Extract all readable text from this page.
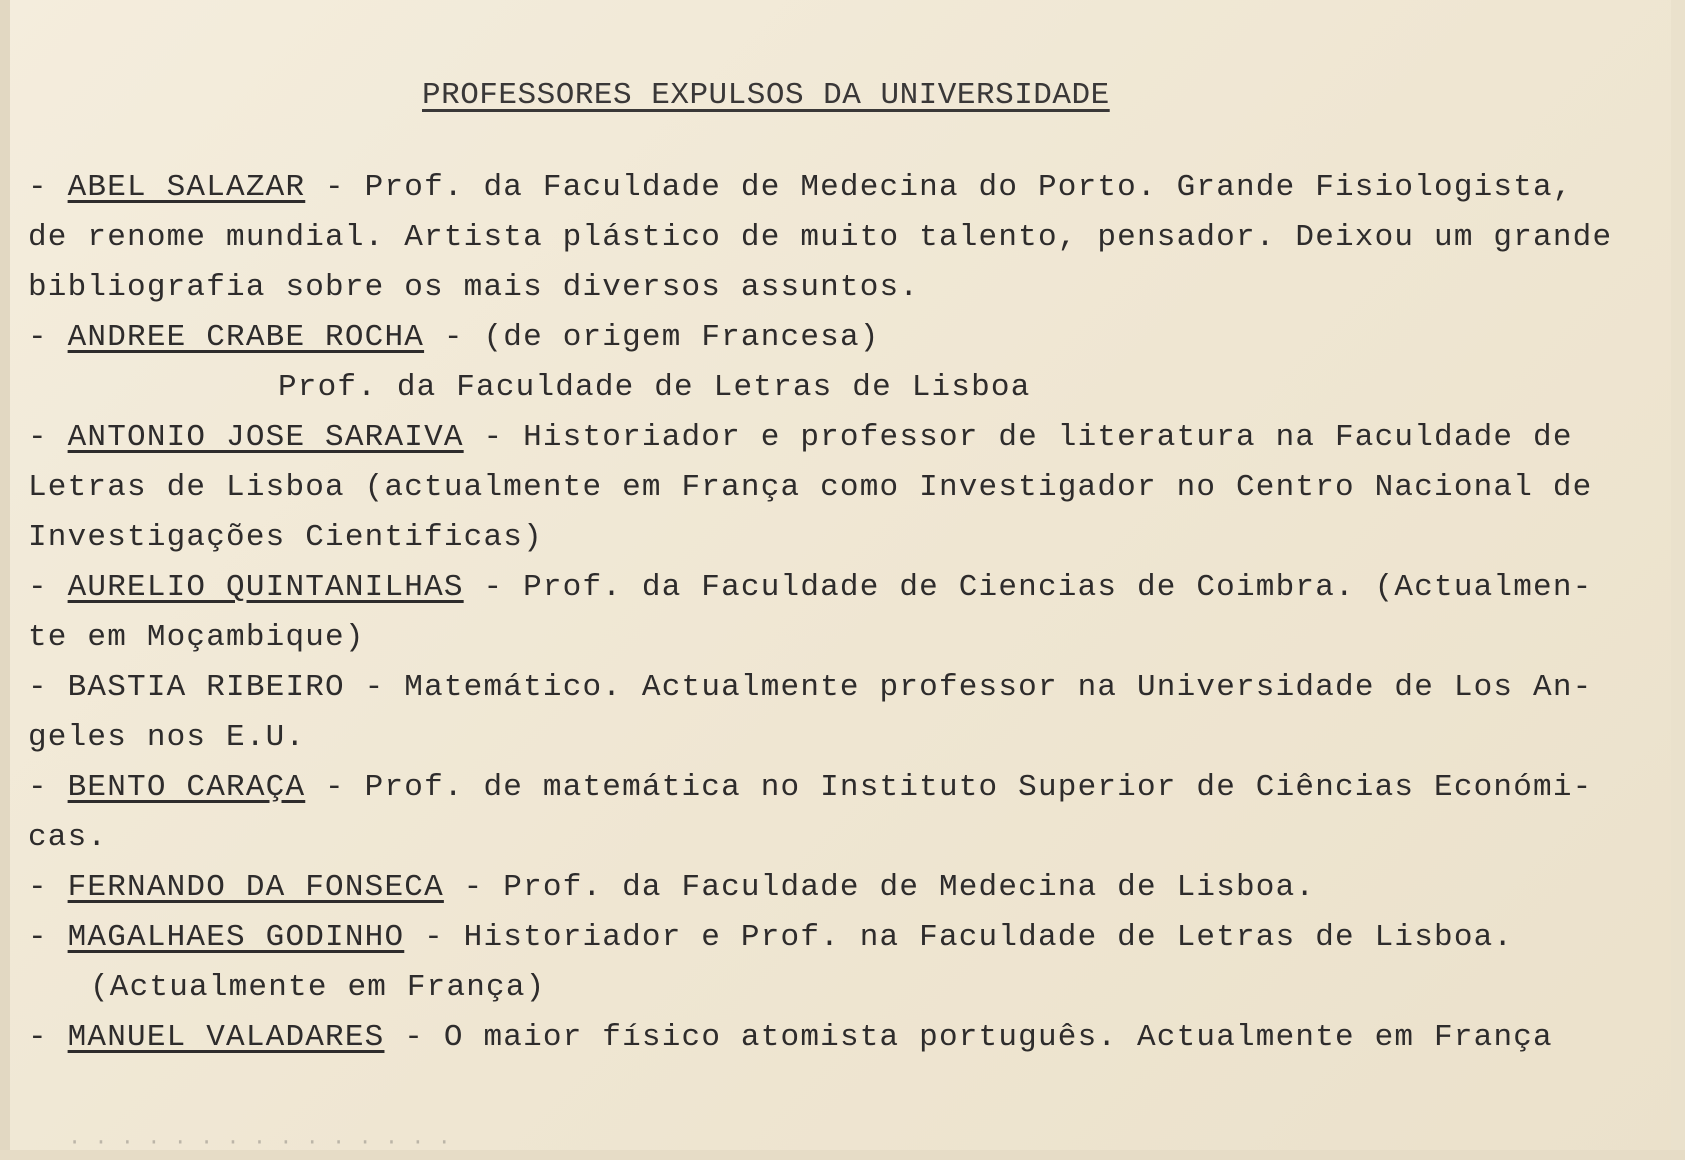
PROFESSORES EXPULSOS DA UNIVERSIDADE
- ABEL SALAZAR - Prof. da Faculdade de Medecina do Porto. Grande Fisiologista,
de renome mundial. Artista plástico de muito talento, pensador. Deixou um grande
bibliografia sobre os mais diversos assuntos.
- ANDREE CRABE ROCHA - (de origem Francesa)
Prof. da Faculdade de Letras de Lisboa
- ANTONIO JOSE SARAIVA - Historiador e professor de literatura na Faculdade de
Letras de Lisboa (actualmente em França como Investigador no Centro Nacional de
Investigações Cientificas)
- AURELIO QUINTANILHAS - Prof. da Faculdade de Ciencias de Coimbra. (Actualmen-
te em Moçambique)
- BASTIA RIBEIRO - Matemático. Actualmente professor na Universidade de Los An-
geles nos E.U.
- BENTO CARAÇA - Prof. de matemática no Instituto Superior de Ciências Económi-
cas.
- FERNANDO DA FONSECA - Prof. da Faculdade de Medecina de Lisboa.
- MAGALHAES GODINHO - Historiador e Prof. na Faculdade de Letras de Lisboa.
(Actualmente em França)
- MANUEL VALADARES - O maior físico atomista português. Actualmente em França
· · · · · · · · · · · · · · ·
